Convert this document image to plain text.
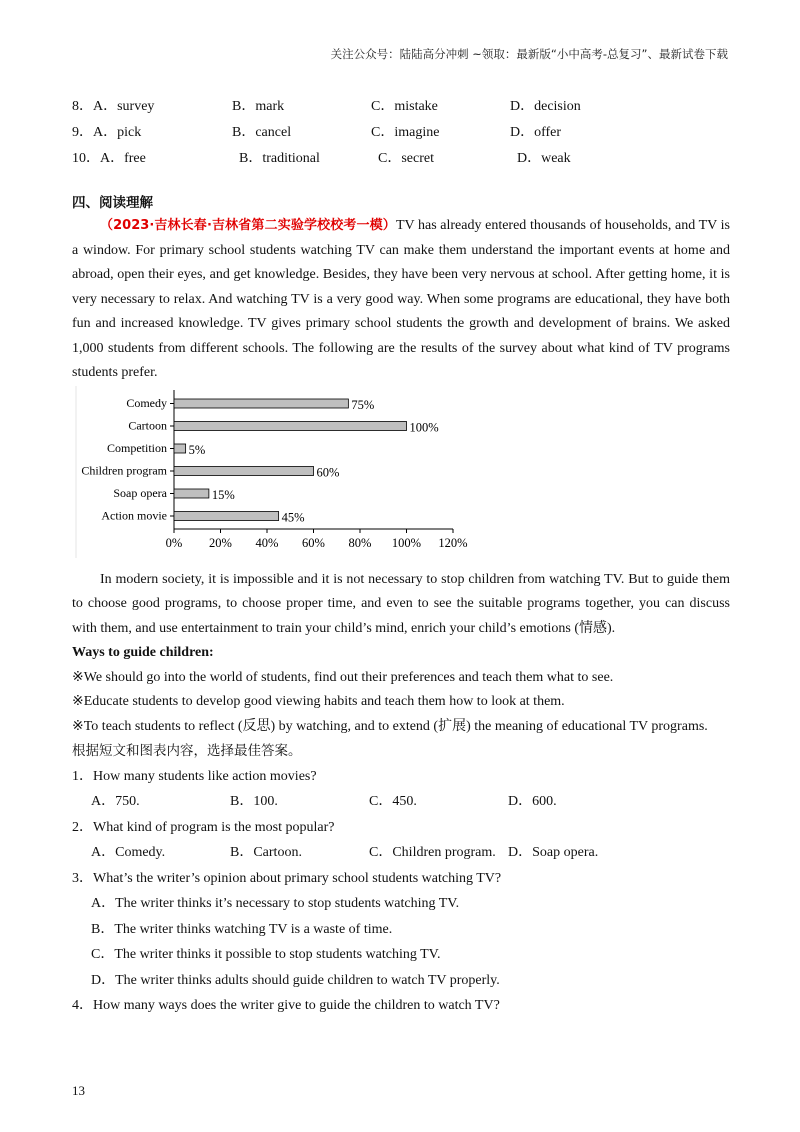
关注公众号：陆陆高分冲刺 ~领取：最新版“小中高考-总复习”、最新试卷下载
8． A．survey	B．mark	C．mistake	D．decision
9． A．pick	B．cancel	C．imagine	D．offer
10． A．free	B．traditional	C．secret	D．weak
四、阅读理解

（2023·吉林长春·吉林省第二实验学校校考一模）TV has already entered thousands of households, and TV is a window. For primary school students watching TV can make them understand the important events at home and abroad, open their eyes, and get knowledge. Besides, they have been very nervous at school. After getting home, it is very necessary to relax. And watching TV is a very good way. When some programs are educational, they have both fun and increased knowledge. TV gives primary school students the growth and development of brains. We asked 1,000 students from different schools. The following are the results of the survey about what kind of TV programs students prefer.

0% 20% 40% 60% 80% 100% 120%
Comedy	75%
Cartoon	100%
Competition 5%
Children program	60%
Soap opera	15%
Action movie	45%

In modern society, it is impossible and it is not necessary to stop children from watching TV. But to guide them to choose good programs, to choose proper time, and even to see the suitable programs together, you can discuss with them, and use entertainment to train your child’s mind, enrich your child’s emotions (情感).

Ways to guide children:
※We should go into the world of students, find out their preferences and teach them what to see.
※Educate students to develop good viewing habits and teach them how to look at them.
※To teach students to reflect (反思) by watching, and to extend (扩展) the meaning of educational TV programs.
根据短文和图表内容，选择最佳答案。
1．How many students like action movies?
A．750.	B．100.	C．450.	D．600.
2．What kind of program is the most popular?
A．Comedy.	B．Cartoon.	C．Children program. D．Soap opera.
3．What’s the writer’s opinion about primary school students watching TV?
A．The writer thinks it’s necessary to stop students watching TV.
B．The writer thinks watching TV is a waste of time.
C．The writer thinks it possible to stop students watching TV.
D．The writer thinks adults should guide children to watch TV properly.
4．How many ways does the writer give to guide the children to watch TV?
13
